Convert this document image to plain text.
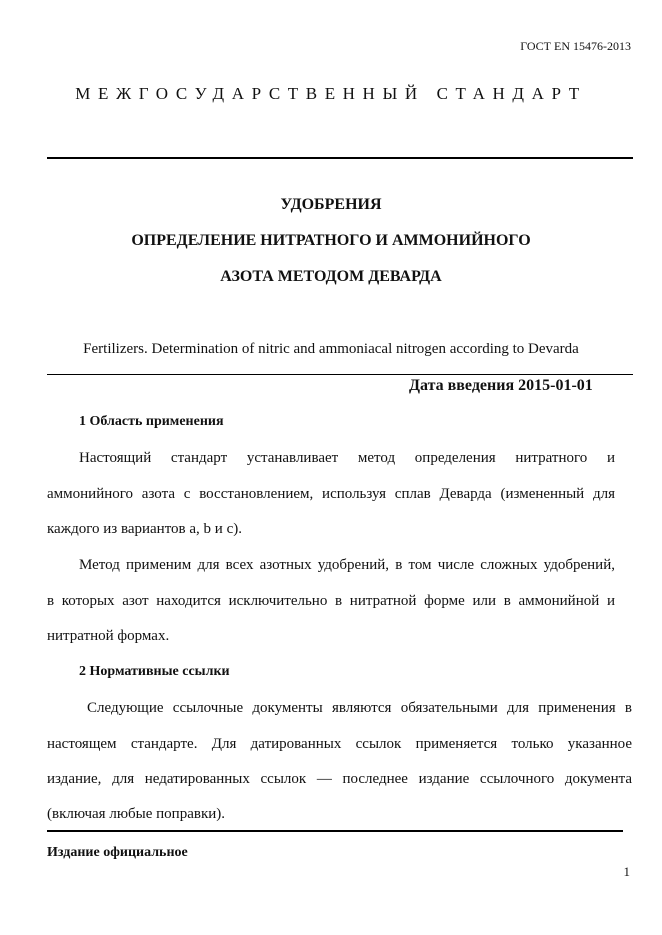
ГОСТ EN 15476-2013
МЕЖГОСУДАРСТВЕННЫЙ СТАНДАРТ
УДОБРЕНИЯ
ОПРЕДЕЛЕНИЕ НИТРАТНОГО И АММОНИЙНОГО
АЗОТА МЕТОДОМ ДЕВАРДА
Fertilizers. Determination of nitric and ammoniacal nitrogen according to Devarda
Дата введения 2015-01-01
1 Область применения
Настоящий стандарт устанавливает метод определения нитратного и
аммонийного азота с восстановлением, используя сплав Деварда (измененный для
каждого из вариантов а, b и с).
Метод применим для всех азотных удобрений, в том числе сложных удобрений,
в которых азот находится исключительно в нитратной форме или в аммонийной и
нитратной формах.
2 Нормативные ссылки
Следующие ссылочные документы являются обязательными для применения в
настоящем стандарте. Для датированных ссылок применяется только указанное
издание, для недатированных ссылок — последнее издание ссылочного документа
(включая любые поправки).
Издание официальное
1
